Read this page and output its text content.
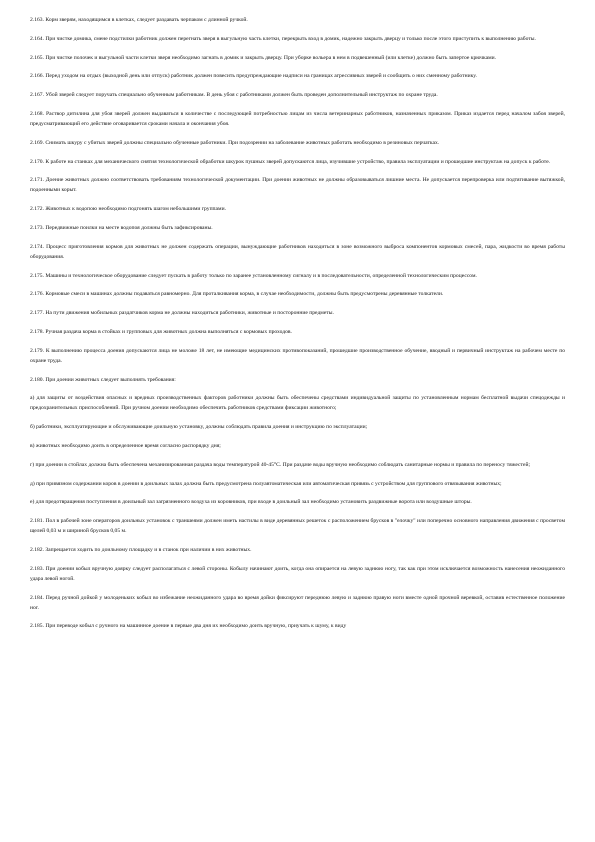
2.163. Корм зверям, находящимся в клетках, следует раздавать черпаком с длинной ручкой.

2.164. При чистке домика, смене подстилки работник должен перегнать зверя в выгульную часть клетки, перекрыть вход в домик, надежно закрыть дверцу и только после этого приступить к выполнению работы.

2.165. При чистке полочек и выгульной части клетки зверя необходимо загнать в домик и закрыть дверцу. При уборке вольера в нем в подвешенный (или клетке) должно быть запертое крючками.

2.166. Перед уходом на отдых (выходной день или отпуск) работник должен повесить предупреждающие надписи на границах агрессивных зверей и сообщить о них сменному работнику.

2.167. Убой зверей следует поручать специально обученным работникам. В день убоя с работниками должен быть проведен дополнительный инструктаж по охране труда.

2.168. Раствор дитилина для убоя зверей должен выдаваться в количестве с последующей потребностью лицам из числа ветеринарных работников, назначенных приказом. Приказ издается перед началом забоя зверей, предусматривающий его действие оговаривается сроками начала и окончания убоя.

2.169. Снимать шкуру с убитых зверей должны специально обученные работники. При подозрении на заболевание животных работать необходимо в резиновых перчатках.

2.170. К работе на станках для механического снятия технологической обработки шкурок пушных зверей допускаются лица, изучившие устройство, правила эксплуатации и прошедшие инструктаж на допуск к работе.

2.171. Доение животных должно соответствовать требованиям технологической документации. При доении животных не должны образовываться лишние места. Не допускается перепроверка или подтягивание вытяжкой, подоенными корыт.

2.172. Животных к водопою необходимо подгонять шагом небольшими группами.

2.173. Передвижные поилки на месте водопоя должны быть зафиксированы.

2.174. Процесс приготовления кормов для животных не должен содержать операции, вынуждающие работников находиться в зоне возможного выброса компонентов кормовых смесей, пара, жидкости во время работы оборудования.

2.175. Машины и технологическое оборудование следует пускать в работу только по заранее установленному сигналу и в последовательности, определенной технологическим процессом.

2.176. Кормовые смеси в машинах должны подаваться равномерно. Для проталкивания корма, в случае необходимости, должны быть предусмотрены деревянные толкатели.

2.177. На пути движения мобильных раздатчиков корма не должны находиться работники, животные и посторонние предметы.

2.178. Ручная раздача корма в стойках и групповых для животных должна выполняться с кормовых проходов.

2.179. К выполнению процесса доения допускаются лица не моложе 18 лет, не имеющие медицинских противопоказаний, прошедшие производственное обучение, вводный и первичный инструктаж на рабочем месте по охране труда.

2.180. При доении животных следует выполнять требования:

а) для защиты от воздействия опасных и вредных производственных факторов работники должны быть обеспечены средствами индивидуальной защиты по установленным нормам бесплатной выдачи спецодежды и предохранительных приспособлений. При ручном доении необходимо обеспечить работников средствами фиксации животного;

б) работники, эксплуатирующие и обслуживающие доильную установку, должны соблюдать правила доения и инструкцию по эксплуатации;

в) животных необходимо доить в определенное время согласно распорядку дня;

г) при доении в стойлах должна быть обеспечена механизированная раздача воды температурой 40-45°С. При раздаче воды вручную необходимо соблюдать санитарные нормы и правила по переносу тяжестей;

д) при привязном содержании коров в доении в доильных залах должна быть предусмотрена полуавтоматическая или автоматическая привязь с устройством для группового отвязывания животных;

е) для предотвращения поступления в доильный зал загрязненного воздуха из коровников, при входе в доильный зал необходимо установить раздвижные ворота или воздушные шторы.

2.181. Пол в рабочей зоне операторов доильных установок с траншеями должен иметь настилы в виде деревянных решеток с расположением брусков в "елочку" или поперечно основного направления движения с просветом щелей 0,03 м и шириной брусков 0,05 м.

2.182. Запрещается ходить по доильному площадку и в станок при наличии в них животных.

2.183. При доении кобыл вручную доярку следует располагаться с левой стороны. Кобылу начинают доить, когда она опирается на левую заднюю ногу, так как при этом исключается возможность нанесения неожиданного удара левой ногой.

2.184. Перед ручной дойкой у молоденьких кобыл во избежание неожиданного удара во время дойки фиксируют переднюю левую и заднюю правую ноги вместе одной прочной веревкой, оставив естественное положение ног.

2.185. При переводе кобыл с ручного на машинное доение в первые два дня их необходимо доить вручную, приучать к шуму, к виду
